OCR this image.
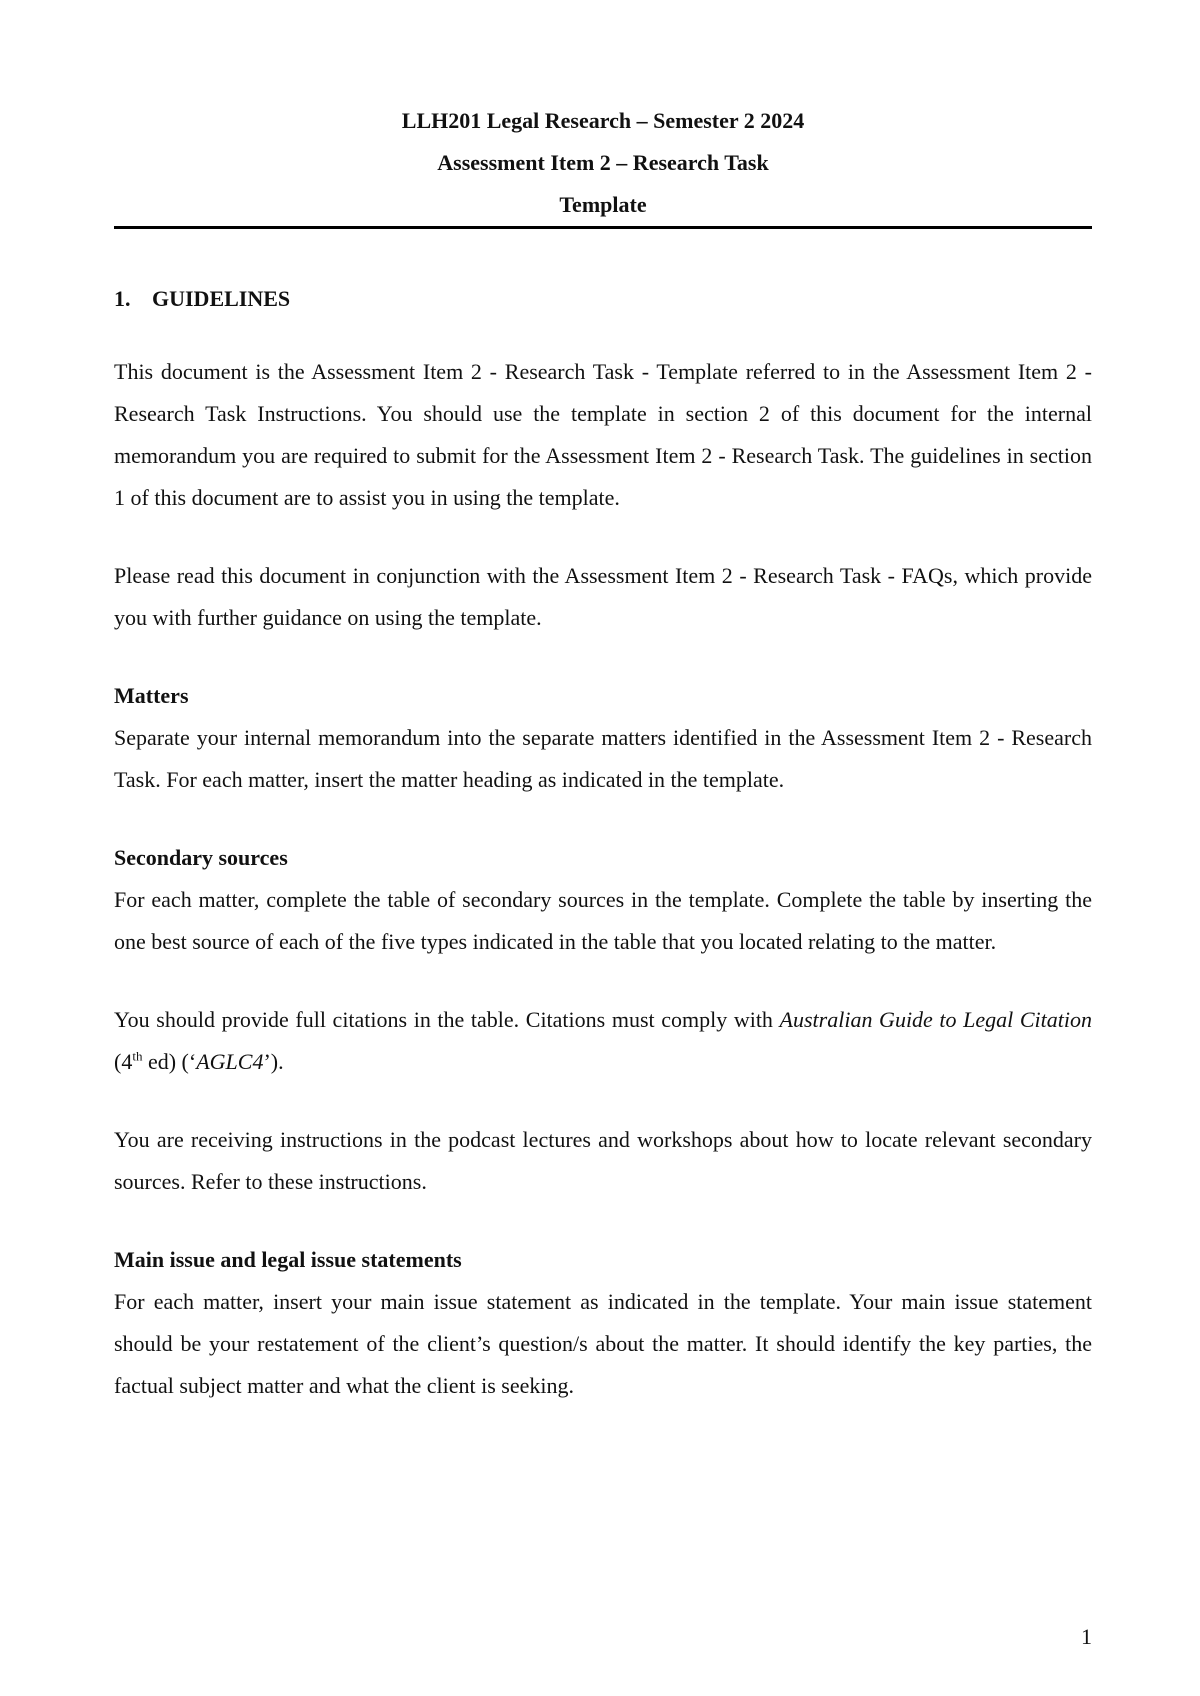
LLH201 Legal Research – Semester 2 2024
Assessment Item 2 – Research Task
Template
1. GUIDELINES

This document is the Assessment Item 2 - Research Task - Template referred to in the Assessment Item 2 - Research Task Instructions. You should use the template in section 2 of this document for the internal memorandum you are required to submit for the Assessment Item 2 - Research Task. The guidelines in section 1 of this document are to assist you in using the template.

Please read this document in conjunction with the Assessment Item 2 - Research Task - FAQs, which provide you with further guidance on using the template.

Matters

Separate your internal memorandum into the separate matters identified in the Assessment Item 2 - Research Task. For each matter, insert the matter heading as indicated in the template.

Secondary sources

For each matter, complete the table of secondary sources in the template. Complete the table by inserting the one best source of each of the five types indicated in the table that you located relating to the matter.

You should provide full citations in the table. Citations must comply with Australian Guide to Legal Citation (4th ed) (‘AGLC4’).

You are receiving instructions in the podcast lectures and workshops about how to locate relevant secondary sources. Refer to these instructions.

Main issue and legal issue statements

For each matter, insert your main issue statement as indicated in the template. Your main issue statement should be your restatement of the client’s question/s about the matter. It should identify the key parties, the factual subject matter and what the client is seeking.

1
